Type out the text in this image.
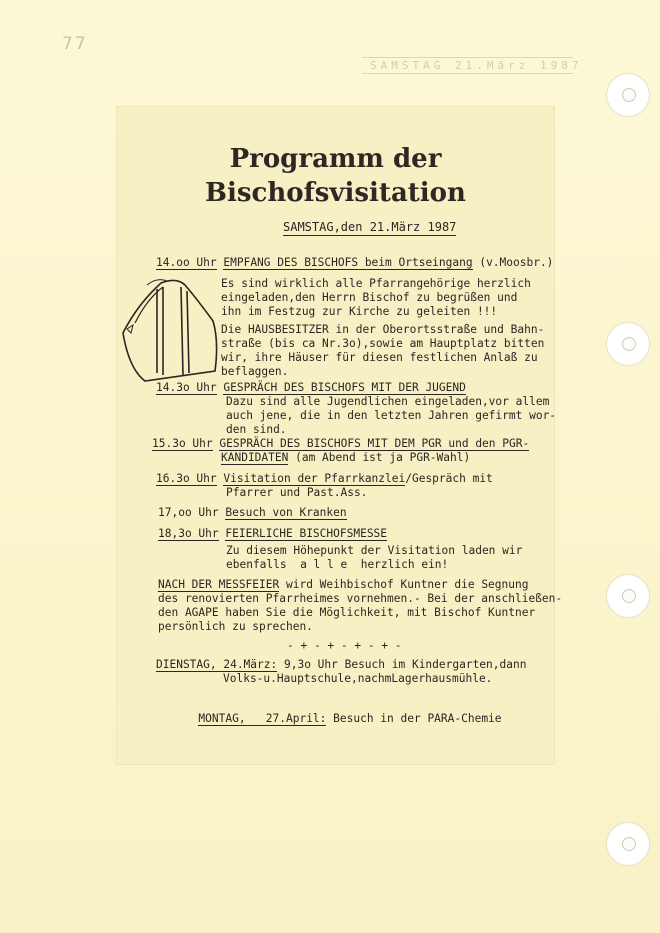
77
SAMSTAG 21.März 1987
Programm der
Bischofsvisitation
SAMSTAG,den 21.März 1987
14.oo Uhr EMPFANG DES BISCHOFS beim Ortseingang (v.Moosbr.)
Es sind wirklich alle Pfarrangehörige herzlich
eingeladen,den Herrn Bischof zu begrüßen und
ihn im Festzug zur Kirche zu geleiten !!!
Die HAUSBESITZER in der Oberortsstraße und Bahn-
straße (bis ca Nr.3o),sowie am Hauptplatz bitten
wir, ihre Häuser für diesen festlichen Anlaß zu
beflaggen.
14.3o Uhr GESPRÄCH DES BISCHOFS MIT DER JUGEND
Dazu sind alle Jugendlichen eingeladen,vor allem
auch jene, die in den letzten Jahren gefirmt wor-
den sind.
15.3o Uhr GESPRÄCH DES BISCHOFS MIT DEM PGR und den PGR-
KANDIDATEN (am Abend ist ja PGR-Wahl)
16.3o Uhr Visitation der Pfarrkanzlei/Gespräch mit
Pfarrer und Past.Ass.
17,oo Uhr Besuch von Kranken
18,3o Uhr FEIERLICHE BISCHOFSMESSE
Zu diesem Höhepunkt der Visitation laden wir
ebenfalls  a l l e  herzlich ein!
NACH DER MESSFEIER wird Weihbischof Kuntner die Segnung
des renovierten Pfarrheimes vornehmen.- Bei der anschließen-
den AGAPE haben Sie die Möglichkeit, mit Bischof Kuntner
persönlich zu sprechen.
- + - + - + - + -
DIENSTAG, 24.März: 9,3o Uhr Besuch im Kindergarten,dann
Volks-u.Hauptschule,nachmLagerhausmühle.

MONTAG,   27.April: Besuch in der PARA-Chemie
